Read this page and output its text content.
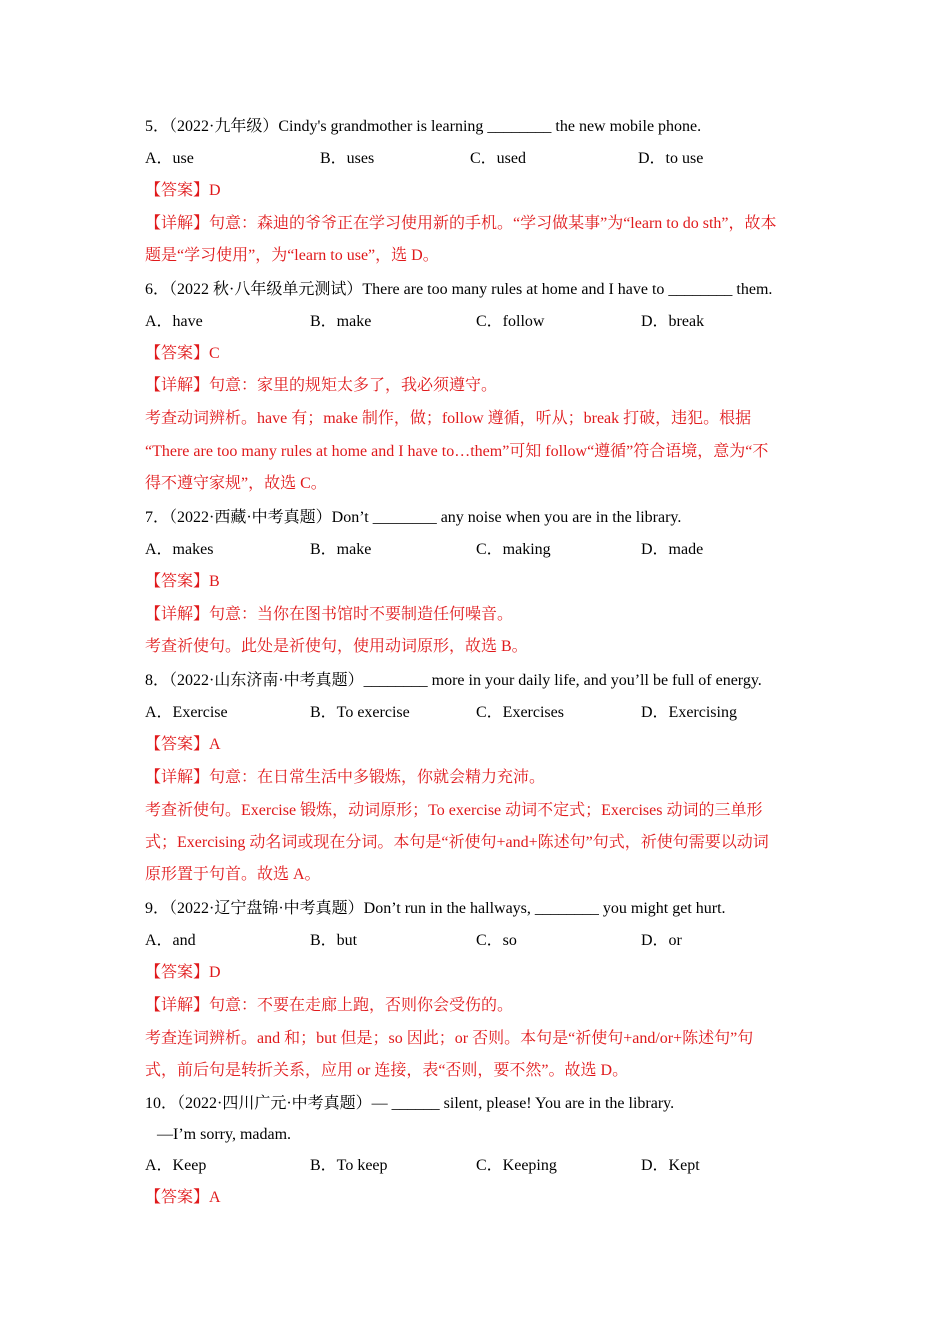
5．（2022·九年级）Cindy's grandmother is learning ________ the new mobile phone.
A．use	B．uses	C．used	D．to use
【答案】D
【详解】句意：森迪的爷爷正在学习使用新的手机。“学习做某事”为“learn to do sth”，故本
题是“学习使用”，为“learn to use”，选 D。
6．（2022 秋·八年级单元测试）There are too many rules at home and I have to ________ them.
A．have	B．make	C．follow	D．break
【答案】C
【详解】句意：家里的规矩太多了，我必须遵守。
考查动词辨析。have 有；make 制作，做；follow 遵循，听从；break 打破，违犯。根据
“There are too many rules at home and I have to…them”可知 follow“遵循”符合语境，意为“不
得不遵守家规”，故选 C。
7．（2022·西藏·中考真题）Don’t ________ any noise when you are in the library.
A．makes	B．make	C．making	D．made
【答案】B
【详解】句意：当你在图书馆时不要制造任何噪音。
考查祈使句。此处是祈使句，使用动词原形，故选 B。
8．（2022·山东济南·中考真题）________ more in your daily life, and you’ll be full of energy.
A．Exercise	B．To exercise	C．Exercises	D．Exercising
【答案】A
【详解】句意：在日常生活中多锻炼，你就会精力充沛。
考查祈使句。Exercise 锻炼，动词原形；To exercise 动词不定式；Exercises 动词的三单形
式；Exercising 动名词或现在分词。本句是“祈使句+and+陈述句”句式，祈使句需要以动词
原形置于句首。故选 A。
9．（2022·辽宁盘锦·中考真题）Don’t run in the hallways, ________ you might get hurt.
A．and	B．but	C．so	D．or
【答案】D
【详解】句意：不要在走廊上跑，否则你会受伤的。
考查连词辨析。and 和；but 但是；so 因此；or 否则。本句是“祈使句+and/or+陈述句”句
式，前后句是转折关系，应用 or 连接，表“否则，要不然”。故选 D。
10．（2022·四川广元·中考真题）— ______ silent, please! You are in the library.
—I’m sorry, madam.
A．Keep	B．To keep	C．Keeping	D．Kept
【答案】A
